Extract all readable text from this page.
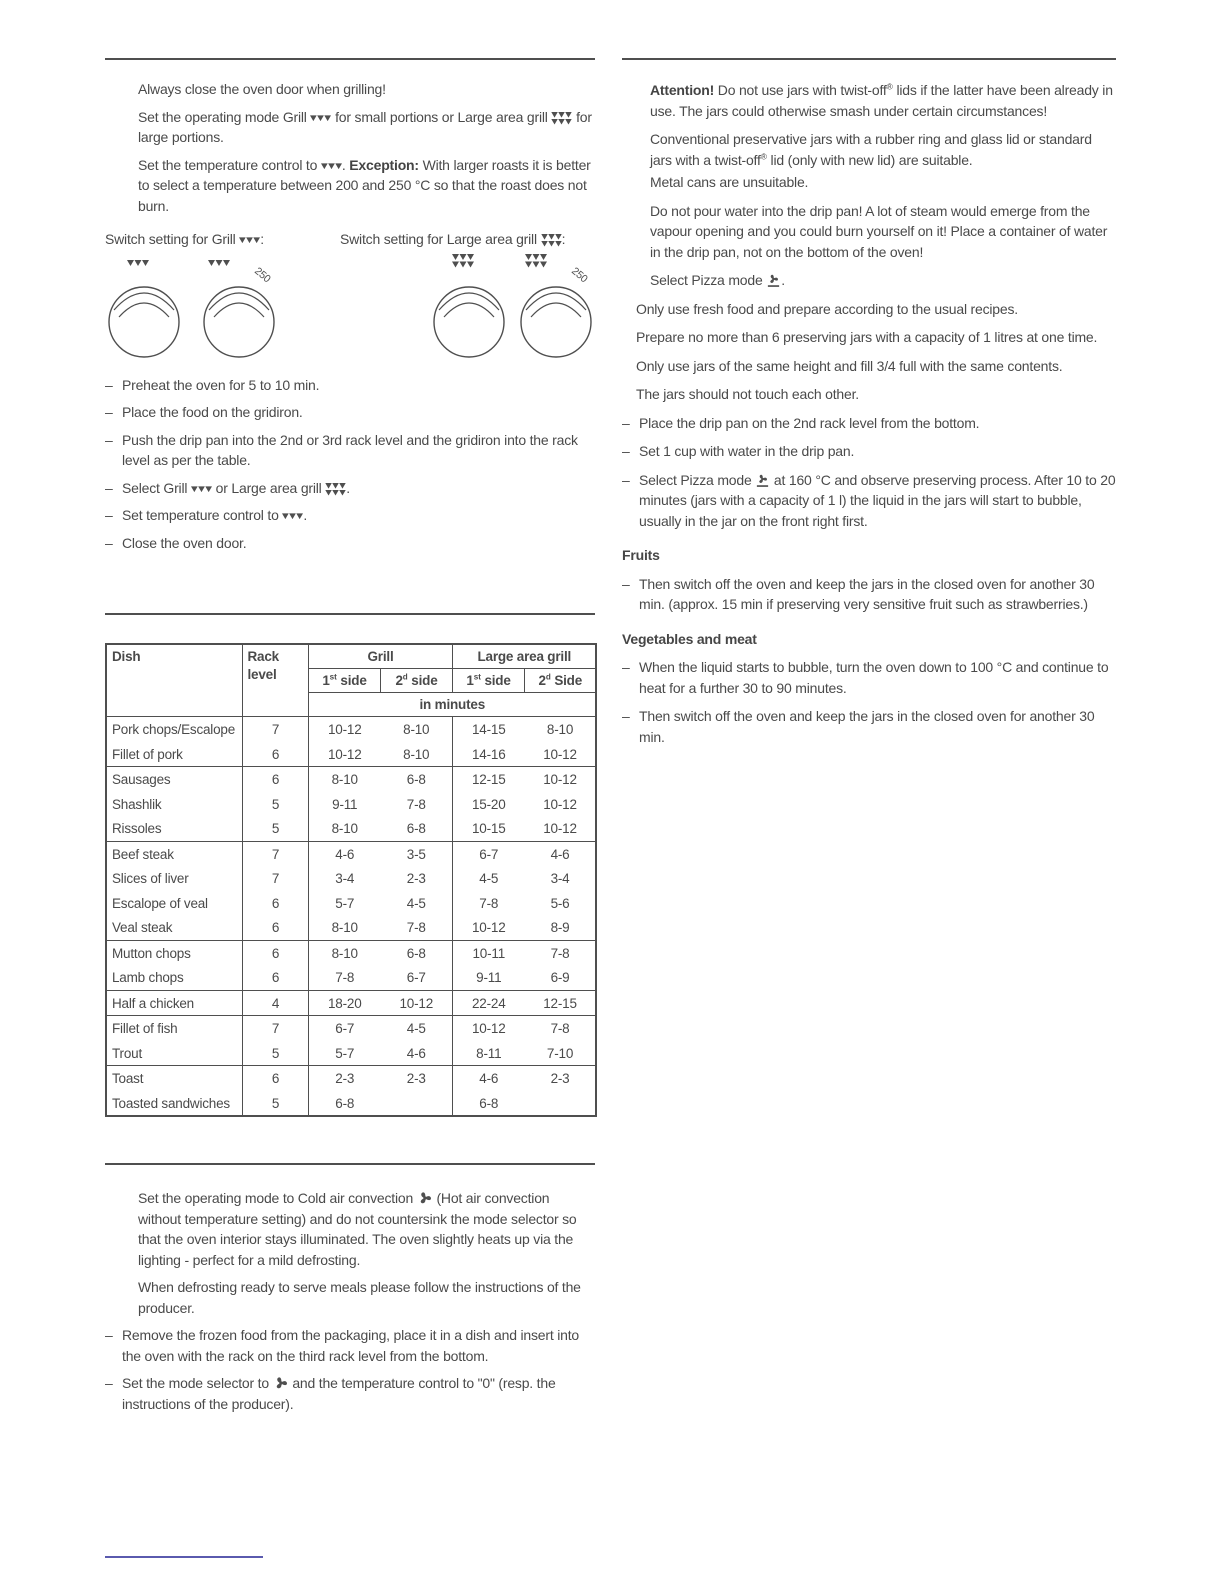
Always close the oven door when grilling!
Set the operating mode Grill  for small portions or Large area grill  for large portions.
Set the temperature control to . Exception: With larger roasts it is better to select a temperature between 200 and 250 °C so that the roast does not burn.
Switch setting for Grill :	Switch setting for Large area grill :
250	250
– Preheat the oven for 5 to 10 min.
– Place the food on the gridiron.
– Push the drip pan into the 2nd or 3rd rack level and the gridiron into the rack level as per the table.
– Select Grill  or Large area grill .
– Set temperature control to .
– Close the oven door.
Dish	Rack level	Grill		Large area grill	
		1st side	2$^d$ side	1st side	2$^d$ Side
		in minutes			
Pork chops/Escalope	7	10-12	8-10	14-15	8-10
Fillet of pork	6	10-12	8-10	14-16	10-12
Sausages	6	8-10	6-8	12-15	10-12
Shashlik	5	9-11	7-8	15-20	10-12
Rissoles	5	8-10	6-8	10-15	10-12
Beef steak	7	4-6	3-5	6-7	4-6
Slices of liver	7	3-4	2-3	4-5	3-4
Escalope of veal	6	5-7	4-5	7-8	5-6
Veal steak	6	8-10	7-8	10-12	8-9
Mutton chops	6	8-10	6-8	10-11	7-8
Lamb chops	6	7-8	6-7	9-11	6-9
Half a chicken	4	18-20	10-12	22-24	12-15
Fillet of fish	7	6-7	4-5	10-12	7-8
Trout	5	5-7	4-6	8-11	7-10
Toast	6	2-3	2-3	4-6	2-3
Toasted sandwiches	5	6-8		6-8	
Set the operating mode to Cold air convection  (Hot air convection without temperature setting) and do not countersink the mode selector so that the oven interior stays illuminated. The oven slightly heats up via the lighting - perfect for a mild defrosting.
When defrosting ready to serve meals please follow the instructions of the producer.
– Remove the frozen food from the packaging, place it in a dish and insert into the oven with the rack on the third rack level from the bottom.
– Set the mode selector to  and the temperature control to "0" (resp. the instructions of the producer).
Attention! Do not use jars with twist-off® lids if the latter have been already in use. The jars could otherwise smash under certain circumstances!
Conventional preservative jars with a rubber ring and glass lid or standard jars with a twist-off® lid (only with new lid) are suitable.
Metal cans are unsuitable.
Do not pour water into the drip pan! A lot of steam would emerge from the vapour opening and you could burn yourself on it! Place a container of water in the drip pan, not on the bottom of the oven!
Select Pizza mode .
Only use fresh food and prepare according to the usual recipes.
Prepare no more than 6 preserving jars with a capacity of 1 litres at one time.
Only use jars of the same height and fill 3/4 full with the same contents.
The jars should not touch each other.
– Place the drip pan on the 2nd rack level from the bottom.
– Set 1 cup with water in the drip pan.
– Select Pizza mode  at 160 °C and observe preserving process. After 10 to 20 minutes (jars with a capacity of 1 l) the liquid in the jars will start to bubble, usually in the jar on the front right first.
Fruits
– Then switch off the oven and keep the jars in the closed oven for another 30 min. (approx. 15 min if preserving very sensitive fruit such as strawberries.)
Vegetables and meat
– When the liquid starts to bubble, turn the oven down to 100 °C and continue to heat for a further 30 to 90 minutes.
– Then switch off the oven and keep the jars in the closed oven for another 30 min.
